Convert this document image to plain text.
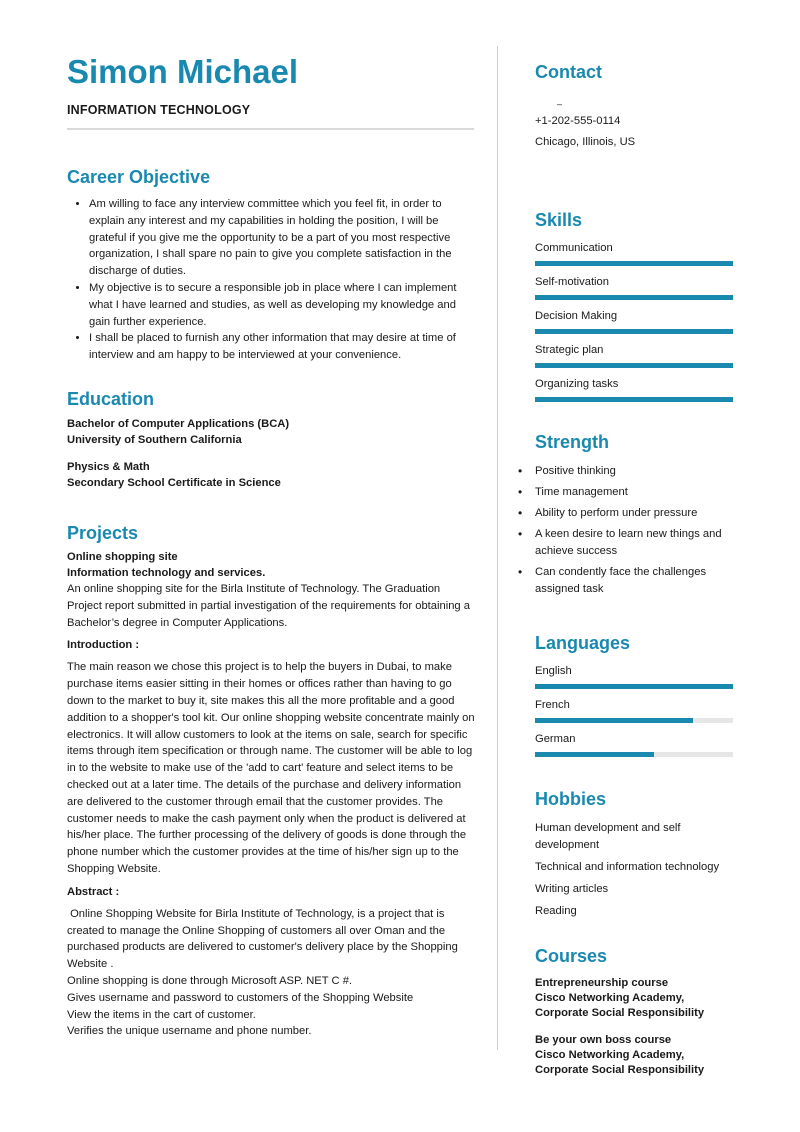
Simon Michael
INFORMATION TECHNOLOGY
Career Objective
• Am willing to face any interview committee which you feel fit, in order to explain any interest and my capabilities in holding the position, I will be grateful if you give me the opportunity to be a part of you most respective organization, I shall spare no pain to give you complete satisfaction in the discharge of duties.
• My objective is to secure a responsible job in place where I can implement what I have learned and studies, as well as developing my knowledge and gain further experience.
• I shall be placed to furnish any other information that may desire at time of interview and am happy to be interviewed at your convenience.
Education
Bachelor of Computer Applications (BCA)
University of Southern California
Physics & Math
Secondary School Certificate in Science
Projects
Online shopping site
Information technology and services.

An online shopping site for the Birla Institute of Technology. The Graduation Project report submitted in partial investigation of the requirements for obtaining a Bachelor’s degree in Computer Applications.

Introduction :

The main reason we chose this project is to help the buyers in Dubai, to make purchase items easier sitting in their homes or offices rather than having to go down to the market to buy it, site makes this all the more profitable and a good addition to a shopper's tool kit. Our online shopping website concentrate mainly on electronics. It will allow customers to look at the items on sale, search for specific items through item specification or through name. The customer will be able to log in to the website to make use of the 'add to cart' feature and select items to be checked out at a later time. The details of the purchase and delivery information are delivered to the customer through email that the customer provides. The customer needs to make the cash payment only when the product is delivered at his/her place. The further processing of the delivery of goods is done through the phone number which the customer provides at the time of his/her sign up to the Shopping Website.

Abstract :

Online Shopping Website for Birla Institute of Technology, is a project that is created to manage the Online Shopping of customers all over Oman and the purchased products are delivered to customer's delivery place by the Shopping Website .

Online shopping is done through Microsoft ASP. NET C #.

Gives username and password to customers of the Shopping Website

View the items in the cart of customer.

Verifies the unique username and phone number.

Contact
–
+1-202-555-0114
Chicago, Illinois, US
Skills
Communication
Self-motivation
Decision Making
Strategic plan
Organizing tasks
Strength
• Positive thinking
• Time management
• Ability to perform under pressure
• A keen desire to learn new things and achieve success
• Can condently face the challenges assigned task
Languages
English
French
German
Hobbies
Human development and self development
Technical and information technology
Writing articles
Reading
Courses
Entrepreneurship course
Cisco Networking Academy, Corporate Social Responsibility
Be your own boss course
Cisco Networking Academy, Corporate Social Responsibility
